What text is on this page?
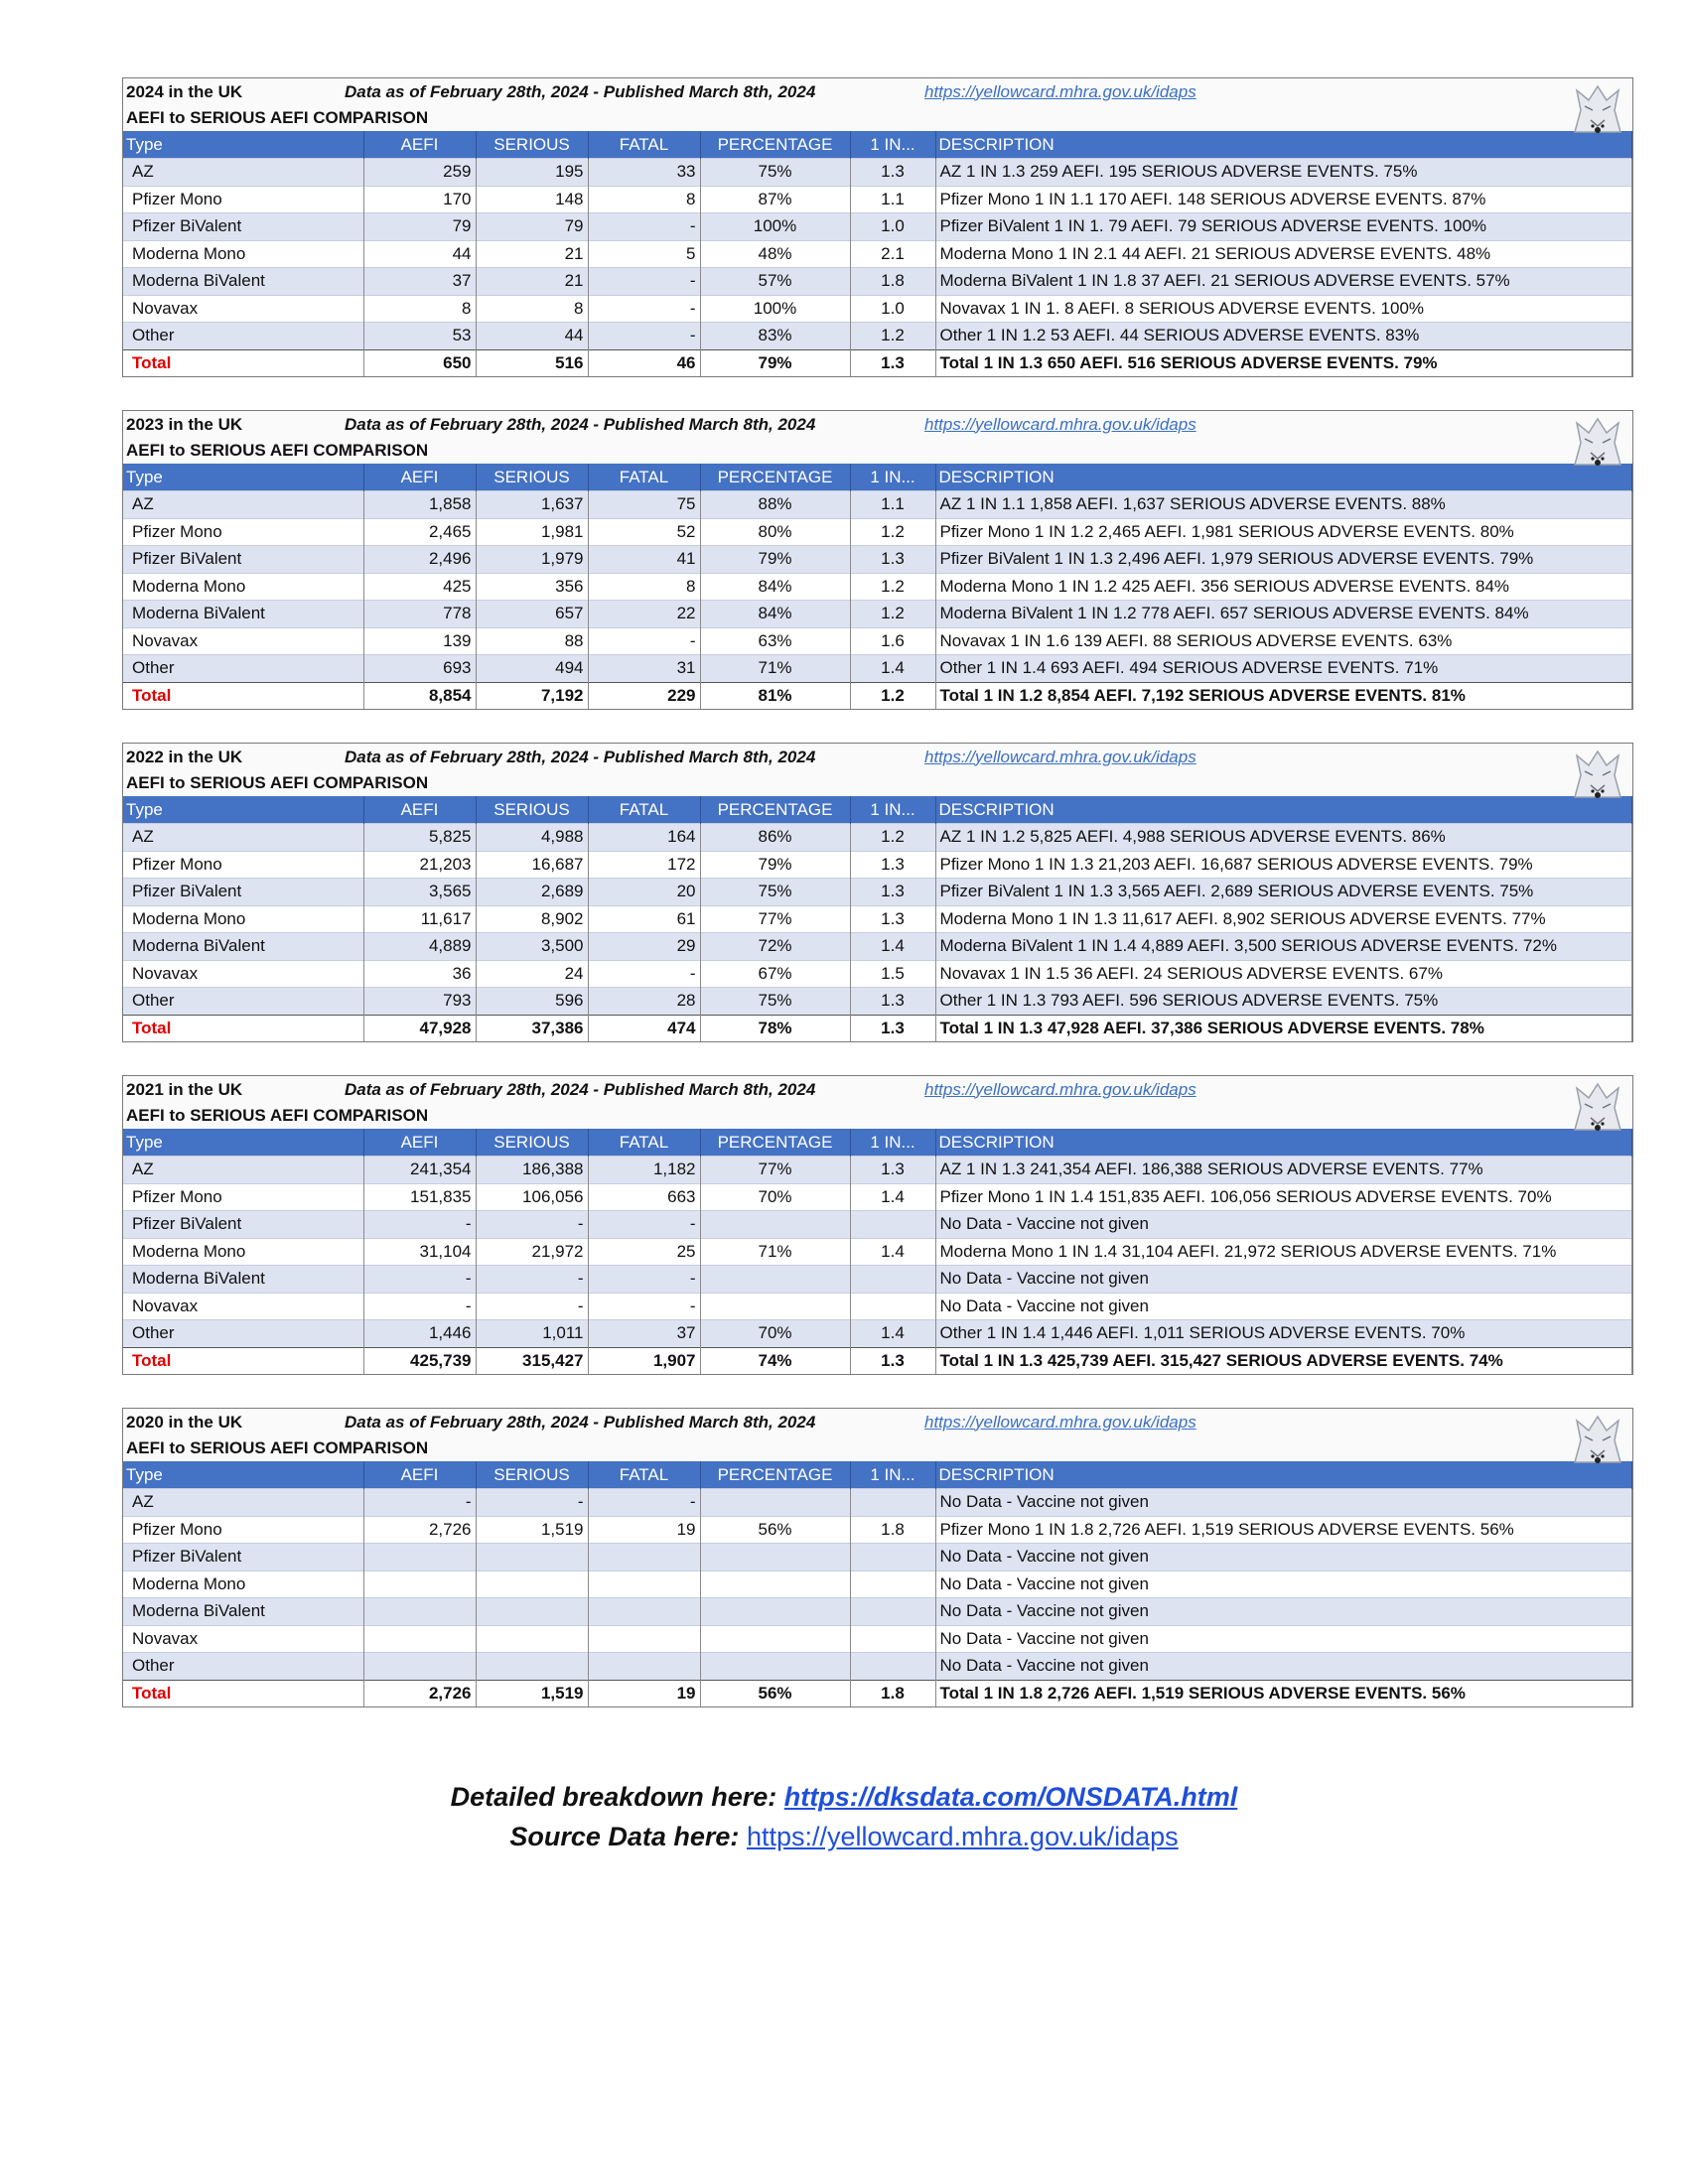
2024 in the UK	Data as of February 28th, 2024 - Published March 8th, 2024	https://yellowcard.mhra.gov.uk/idaps
AEFI to SERIOUS AEFI COMPARISON
Type	AEFI	SERIOUS	FATAL	PERCENTAGE	1 IN...	DESCRIPTION
AZ	259	195	33	75%	1.3	AZ 1 IN 1.3 259 AEFI. 195 SERIOUS ADVERSE EVENTS. 75%
Pfizer Mono	170	148	8	87%	1.1	Pfizer Mono 1 IN 1.1 170 AEFI. 148 SERIOUS ADVERSE EVENTS. 87%
Pfizer BiValent	79	79	-	100%	1.0	Pfizer BiValent 1 IN 1. 79 AEFI. 79 SERIOUS ADVERSE EVENTS. 100%
Moderna Mono	44	21	5	48%	2.1	Moderna Mono 1 IN 2.1 44 AEFI. 21 SERIOUS ADVERSE EVENTS. 48%
Moderna BiValent	37	21	-	57%	1.8	Moderna BiValent 1 IN 1.8 37 AEFI. 21 SERIOUS ADVERSE EVENTS. 57%
Novavax	8	8	-	100%	1.0	Novavax 1 IN 1. 8 AEFI. 8 SERIOUS ADVERSE EVENTS. 100%
Other	53	44	-	83%	1.2	Other 1 IN 1.2 53 AEFI. 44 SERIOUS ADVERSE EVENTS. 83%
Total	650	516	46	79%	1.3	Total 1 IN 1.3 650 AEFI. 516 SERIOUS ADVERSE EVENTS. 79%
2023 in the UK	Data as of February 28th, 2024 - Published March 8th, 2024	https://yellowcard.mhra.gov.uk/idaps
AEFI to SERIOUS AEFI COMPARISON
Type	AEFI	SERIOUS	FATAL	PERCENTAGE	1 IN...	DESCRIPTION
AZ	1,858	1,637	75	88%	1.1	AZ 1 IN 1.1 1,858 AEFI. 1,637 SERIOUS ADVERSE EVENTS. 88%
Pfizer Mono	2,465	1,981	52	80%	1.2	Pfizer Mono 1 IN 1.2 2,465 AEFI. 1,981 SERIOUS ADVERSE EVENTS. 80%
Pfizer BiValent	2,496	1,979	41	79%	1.3	Pfizer BiValent 1 IN 1.3 2,496 AEFI. 1,979 SERIOUS ADVERSE EVENTS. 79%
Moderna Mono	425	356	8	84%	1.2	Moderna Mono 1 IN 1.2 425 AEFI. 356 SERIOUS ADVERSE EVENTS. 84%
Moderna BiValent	778	657	22	84%	1.2	Moderna BiValent 1 IN 1.2 778 AEFI. 657 SERIOUS ADVERSE EVENTS. 84%
Novavax	139	88	-	63%	1.6	Novavax 1 IN 1.6 139 AEFI. 88 SERIOUS ADVERSE EVENTS. 63%
Other	693	494	31	71%	1.4	Other 1 IN 1.4 693 AEFI. 494 SERIOUS ADVERSE EVENTS. 71%
Total	8,854	7,192	229	81%	1.2	Total 1 IN 1.2 8,854 AEFI. 7,192 SERIOUS ADVERSE EVENTS. 81%
2022 in the UK	Data as of February 28th, 2024 - Published March 8th, 2024	https://yellowcard.mhra.gov.uk/idaps
AEFI to SERIOUS AEFI COMPARISON
Type	AEFI	SERIOUS	FATAL	PERCENTAGE	1 IN...	DESCRIPTION
AZ	5,825	4,988	164	86%	1.2	AZ 1 IN 1.2 5,825 AEFI. 4,988 SERIOUS ADVERSE EVENTS. 86%
Pfizer Mono	21,203	16,687	172	79%	1.3	Pfizer Mono 1 IN 1.3 21,203 AEFI. 16,687 SERIOUS ADVERSE EVENTS. 79%
Pfizer BiValent	3,565	2,689	20	75%	1.3	Pfizer BiValent 1 IN 1.3 3,565 AEFI. 2,689 SERIOUS ADVERSE EVENTS. 75%
Moderna Mono	11,617	8,902	61	77%	1.3	Moderna Mono 1 IN 1.3 11,617 AEFI. 8,902 SERIOUS ADVERSE EVENTS. 77%
Moderna BiValent	4,889	3,500	29	72%	1.4	Moderna BiValent 1 IN 1.4 4,889 AEFI. 3,500 SERIOUS ADVERSE EVENTS. 72%
Novavax	36	24	-	67%	1.5	Novavax 1 IN 1.5 36 AEFI. 24 SERIOUS ADVERSE EVENTS. 67%
Other	793	596	28	75%	1.3	Other 1 IN 1.3 793 AEFI. 596 SERIOUS ADVERSE EVENTS. 75%
Total	47,928	37,386	474	78%	1.3	Total 1 IN 1.3 47,928 AEFI. 37,386 SERIOUS ADVERSE EVENTS. 78%
2021 in the UK	Data as of February 28th, 2024 - Published March 8th, 2024	https://yellowcard.mhra.gov.uk/idaps
AEFI to SERIOUS AEFI COMPARISON
Type	AEFI	SERIOUS	FATAL	PERCENTAGE	1 IN...	DESCRIPTION
AZ	241,354	186,388	1,182	77%	1.3	AZ 1 IN 1.3 241,354 AEFI. 186,388 SERIOUS ADVERSE EVENTS. 77%
Pfizer Mono	151,835	106,056	663	70%	1.4	Pfizer Mono 1 IN 1.4 151,835 AEFI. 106,056 SERIOUS ADVERSE EVENTS. 70%
Pfizer BiValent	-	-	-			No Data - Vaccine not given
Moderna Mono	31,104	21,972	25	71%	1.4	Moderna Mono 1 IN 1.4 31,104 AEFI. 21,972 SERIOUS ADVERSE EVENTS. 71%
Moderna BiValent	-	-	-			No Data - Vaccine not given
Novavax	-	-	-			No Data - Vaccine not given
Other	1,446	1,011	37	70%	1.4	Other 1 IN 1.4 1,446 AEFI. 1,011 SERIOUS ADVERSE EVENTS. 70%
Total	425,739	315,427	1,907	74%	1.3	Total 1 IN 1.3 425,739 AEFI. 315,427 SERIOUS ADVERSE EVENTS. 74%
2020 in the UK	Data as of February 28th, 2024 - Published March 8th, 2024	https://yellowcard.mhra.gov.uk/idaps
AEFI to SERIOUS AEFI COMPARISON
Type	AEFI	SERIOUS	FATAL	PERCENTAGE	1 IN...	DESCRIPTION
AZ	-	-	-			No Data - Vaccine not given
Pfizer Mono	2,726	1,519	19	56%	1.8	Pfizer Mono 1 IN 1.8 2,726 AEFI. 1,519 SERIOUS ADVERSE EVENTS. 56%
Pfizer BiValent						No Data - Vaccine not given
Moderna Mono						No Data - Vaccine not given
Moderna BiValent						No Data - Vaccine not given
Novavax						No Data - Vaccine not given
Other						No Data - Vaccine not given
Total	2,726	1,519	19	56%	1.8	Total 1 IN 1.8 2,726 AEFI. 1,519 SERIOUS ADVERSE EVENTS. 56%
Detailed breakdown here: https://dksdata.com/ONSDATA.html
Source Data here: https://yellowcard.mhra.gov.uk/idaps
